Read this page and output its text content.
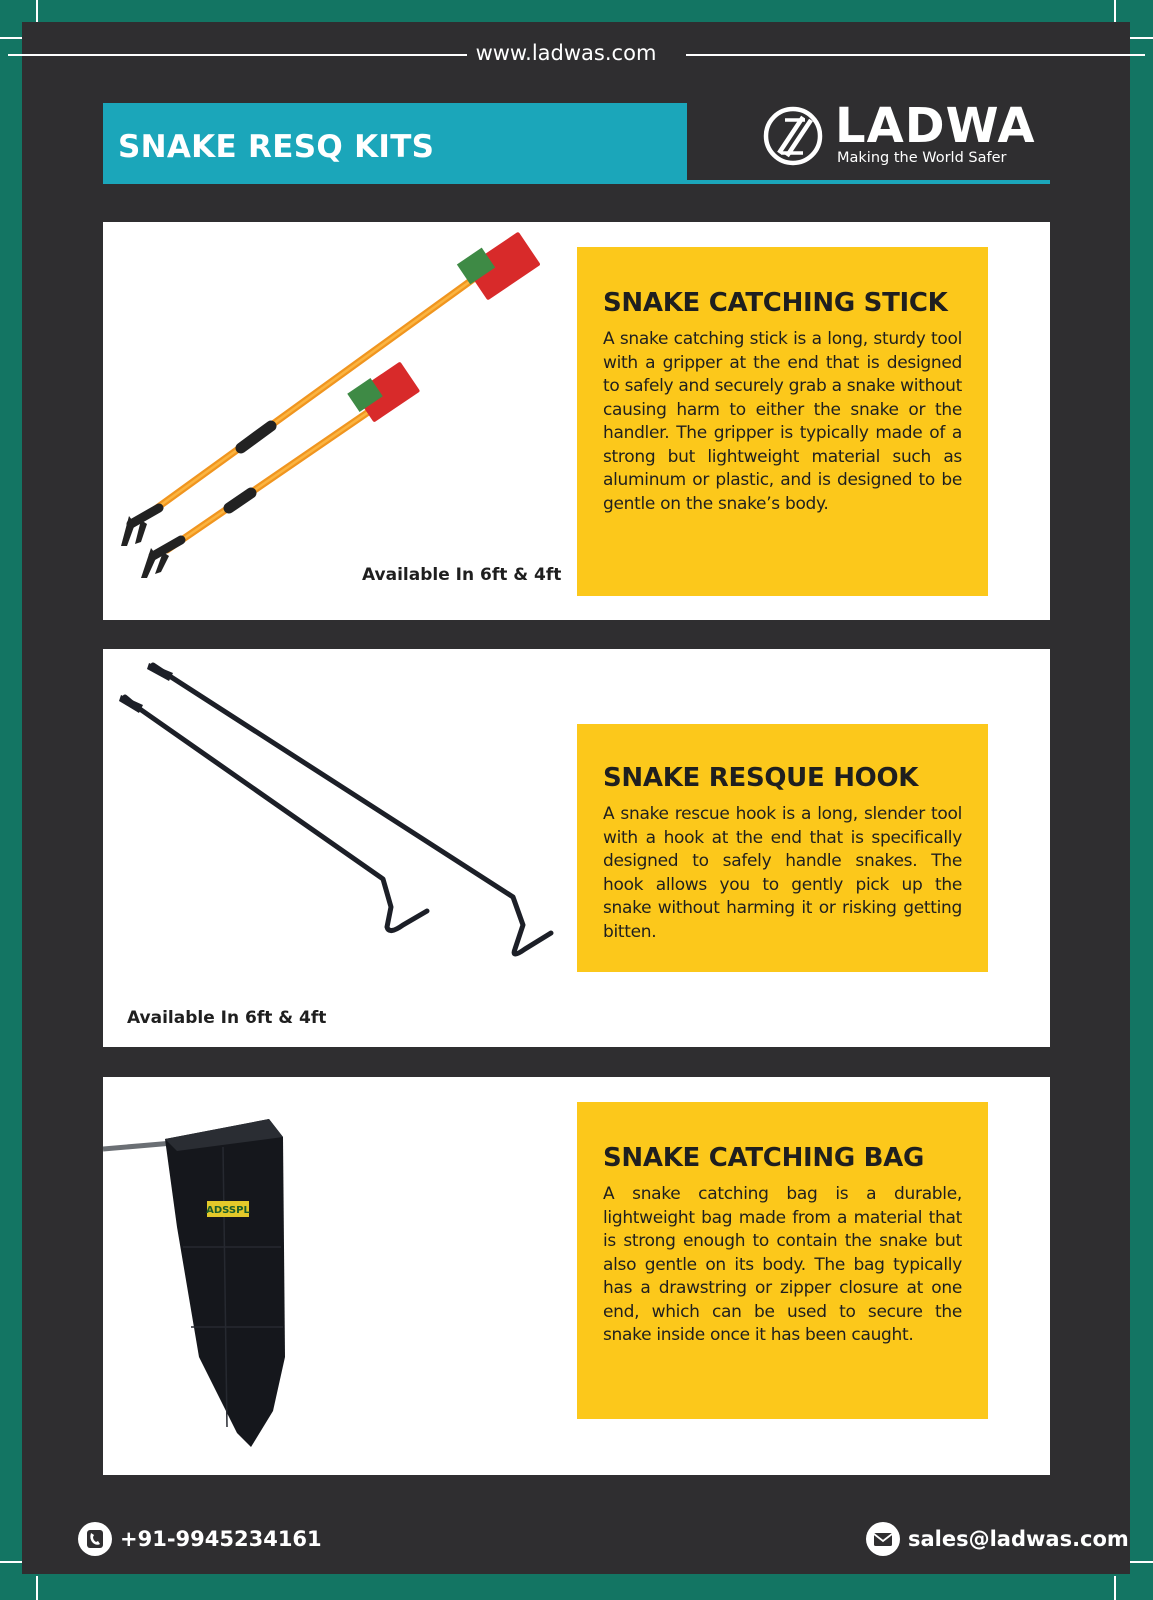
www.ladwas.com
SNAKE RESQ KITS	LADWA
Making the World Safer
Available In 6ft & 4ft
SNAKE CATCHING STICK

A snake catching stick is a long, sturdy tool with a gripper at the end that is designed to safely and securely grab a snake without causing harm to either the snake or the handler. The gripper is typically made of a strong but lightweight material such as aluminum or plastic, and is designed to be gentle on the snake’s body.

Available In 6ft & 4ft
SNAKE RESQUE HOOK

A snake rescue hook is a long, slender tool with a hook at the end that is specifically designed to safely handle snakes. The hook allows you to gently pick up the snake without harming it or risking getting bitten.

ADSSPL
SNAKE CATCHING BAG

A snake catching bag is a durable, lightweight bag made from a material that is strong enough to contain the snake but also gentle on its body. The bag typically has a drawstring or zipper closure at one end, which can be used to secure the snake inside once it has been caught.

+91-9945234161	sales@ladwas.com
